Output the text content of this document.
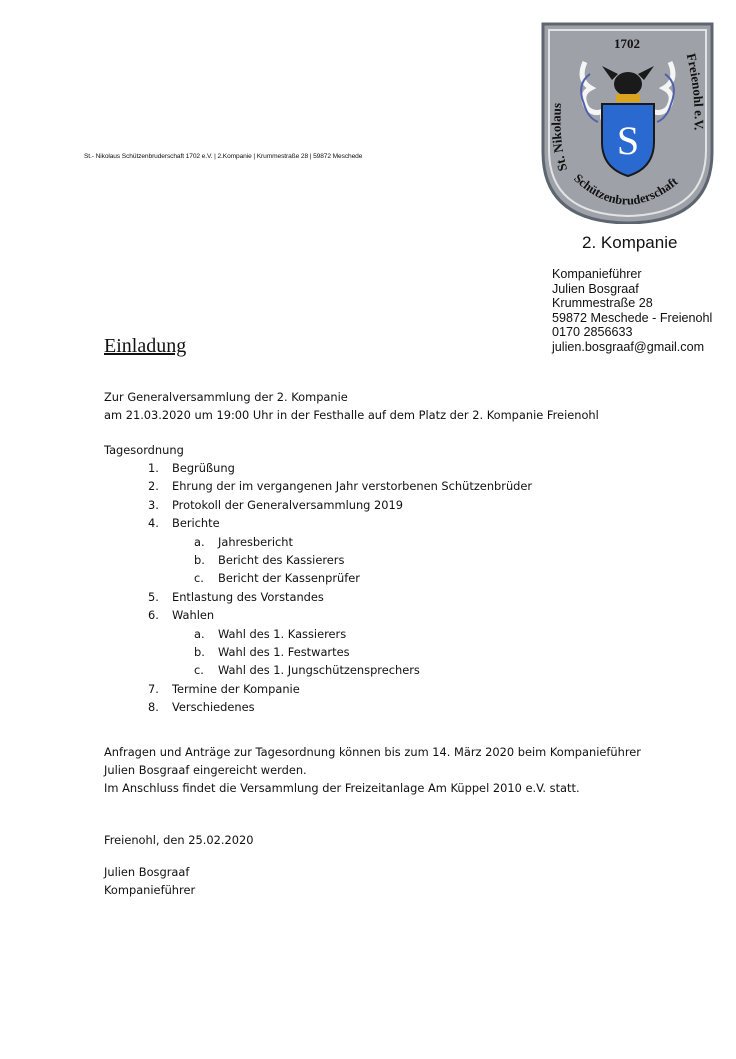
St.- Nikolaus Schützenbruderschaft 1702 e.V. | 2.Kompanie | Krummestraße 28 | 59872 Meschede
1702
St. Nikolaus
Freienohl e.V.
Schützenbruderschaft
S
2. Kompanie
Kompanieführer
Julien Bosgraaf
Krummestraße 28
59872 Meschede - Freienohl
0170 2856633
julien.bosgraaf@gmail.com
Einladung
Zur Generalversammlung der 2. Kompanie
am 21.03.2020 um 19:00 Uhr in der Festhalle auf dem Platz der 2. Kompanie Freienohl
Tagesordnung
1.	Begrüßung
2.	Ehrung der im vergangenen Jahr verstorbenen Schützenbrüder
3.	Protokoll der Generalversammlung 2019
4.	Berichte
a. Jahresbericht
b. Bericht des Kassierers
c. Bericht der Kassenprüfer
5.	Entlastung des Vorstandes
6.	Wahlen
a. Wahl des 1. Kassierers
b. Wahl des 1. Festwartes
c. Wahl des 1. Jungschützensprechers
7.	Termine der Kompanie
8.	Verschiedenes
Anfragen und Anträge zur Tagesordnung können bis zum 14. März 2020 beim Kompanieführer
Julien Bosgraaf eingereicht werden.
Im Anschluss findet die Versammlung der Freizeitanlage Am Küppel 2010 e.V. statt.
Freienohl, den 25.02.2020
Julien Bosgraaf
Kompanieführer
